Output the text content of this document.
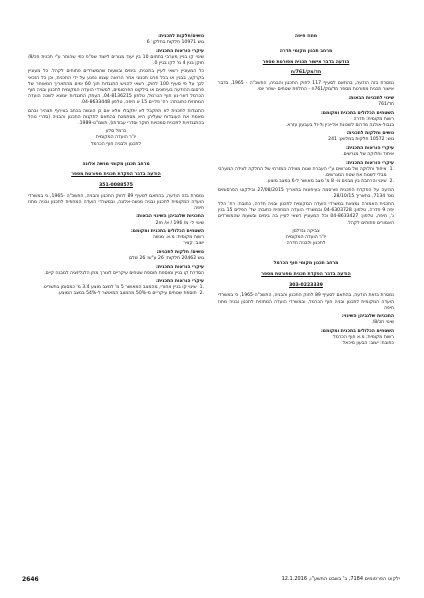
מחוז חיפה

מרחב תכנון מקומי חדרה

הודעה בדבר אישור תכנית מפורטת מספר

חד/מק/761/ח

נמסרת בזה הודעה, בהתאם לסעיף 117 לחוק התכנון והבניה, התשכ"ה - 1965, בדבר אישור תכנית מפורטת מספר חד/מק/761ח - החלפת שטחים -שחר יוסי.

שינוי לתכניות הבאות:

חד/761

השטחים הכלולים בתכנית ומקומם:

רשות מקומית: חדרה

בגבול-אולגה מדרום לשכונת אל-יכין ול-זל בעבעון עזרא.

גושים וחלקות לתכנית:

גוש: 10572 חלקות במלואן: 241

עיקרי הוראות התכנית:

איחוד וחלוקה של מגרשים.

עיקרי הוראות התכנית:

.1
איחוד וחלוקה של מגרשים ע"י העברת שטח מצידה המזרחי של החלקה לצידה המערבי מבלי לשנות את שטח המגרשים.
.2
שינוי והרחבת בין מבנים מ- 8 מ' מצב מאושר ל-6 במצב מוצע.

הודעה על הפקדת התכנית פורסמה בעיתונות בתאריך 27/08/2015 ובילקוט הפרסומים מס' 7134, בתאריך 28/10/15.

התכנית האמורה נמצאת במשרדי הועדה המקומית לתכנון ובניה חדרה, כתובת: רח' הלל יפה 9 חדרה, טלפון: 04-6303728 ובמשרדי הועדה המחוזית כתובת: שד' הפלים 15 בנין נ', חיפה, טלפון: 04-8633427 וכל המעוניין רשאי לעיין בה בימים ובשעות שהמשרדים האמורים פתוחים לקהל.

צביקה גנדלמן

יו"ר הועדה המקומית

לתכנון ולבניה חדרה

מרחב תכנון מקומי חוף הכרמל

הודעה בדבר הפקדת תכנית מפורטת מספר

303-0223339

נמסרת בזאת הודעה, בהתאם לסעיף 89 לחוק התכנון והבניה, התשכ"ה-1965, כי במשרדי הועדה המקומית לתכנון ובניה חוף הכרמל, ובמשרדי הועדה המחוזית לתכנון ובניה מחוז חיפה

התכניות שלגביהן השינוי:

שינוי חכ/8/

השטחים הכלולים בתכנית ומקומם:

רשות מקומית: מ.א חוף הכרמל

כתובת: ישוב: הבעון מיכאל

גושים/חלקות לתכנית:

גוש 10971 חלקות בחלקן: 6

עיקרי הוראות התכנית:

שינוי קו בניין מערבי בתחום 10 בין יעוד מגורים לישוד שפ"פ כפי שהותר ע"י תכנית חכ/8/ חוקן בנין 4 מ' לקו בניין 0.

כל המעוניין רשאי לעיין בתכנית, בימים ובשעות שהמשרדים פתוחים לקהל. כל מעוניין בקרקע, בבנין או בכל פרט תכנוני אחר הרואה עצמו נפגע על ידי התכנית, וכן כל הזכאי לכך על פי סעיף 100 לחוק, רשאי להגיש התנגדות תוך 60 ימים מהתאריך המאוחר של פרסום ההודעה בעיתונים או בילקוט הפרסומים, למשרדי הועדה המקומית לתכנון ובניה חוף הכרמל דאר-נע חוף הכרמל, טלפון 04-8136215, העתק התנגדות יומצא לשכה הועדה המחוזית כתובתה: רח' פל-ים 15 א חיפה, טלפון 04-8633448.

התנגדות לתכנית לא תתקבל לא יתקבלו אלא אם כן הוגשה בכתב בצירוף תצהיר ובהם מאמת את העובדות שעליהן היא מסתמכת בהתאם לתקנות התכנון והבניה (סדרי נוהל בהתנגדויות לתכנית סמכויות חוקר וסדרי עבודתו), תשמ"ט-1989.

כרמל סלע

יו"ר הועדה המקומית

לתכנון ולבניה חוף הכרמל

מרחב תכנון מקומי מנשה אלונה

הודעה בדבר הפקדת תכנית מפורטת מספר

351-0088575

נמסרת בזה הודעה, בהתאם לסעיף 89 לחוק התכנון והבניה, התשכ"ה -1965, כי במשרדי הועדה המקומית לתכנון ובניה מנשה-אלונה, ובמשרדי הועדה המחוזית לתכנון ובניה מחוז חיפה

התכניות שלגביהן השינוי הבאות:

שינוי ל- מ/ 196 / א/ 2m

השטחים הכלולים בתכנית ומקומם:

רשות מקומית: מ.א. מנשה

ישוב: קציר

גושים/ חלקות לתכנית:

גוש 20462 חלקות: 26 ע"ש: 26 שלם

עיקרי הוראות התכנית:

הסדרת קו בניין ומוספת תוספת שטחים עיקריים לצורך מתן הלגליזציה למבנה קיים.

עיקרי הוראות התכנית:

.1
שינוי קו בניין אחורי, מהמצב המאושר 5 מ' למצב מוצע 3.4 מ' כמסומן בתשריט.
.2
תוספת שטחים עיקריים מ-50% מהמצב המאושר ל-54% במצב המוצע.
2646	ילקוט הפרסומים 7184, ב' בשבט התשע"ו, 12.1.2016
